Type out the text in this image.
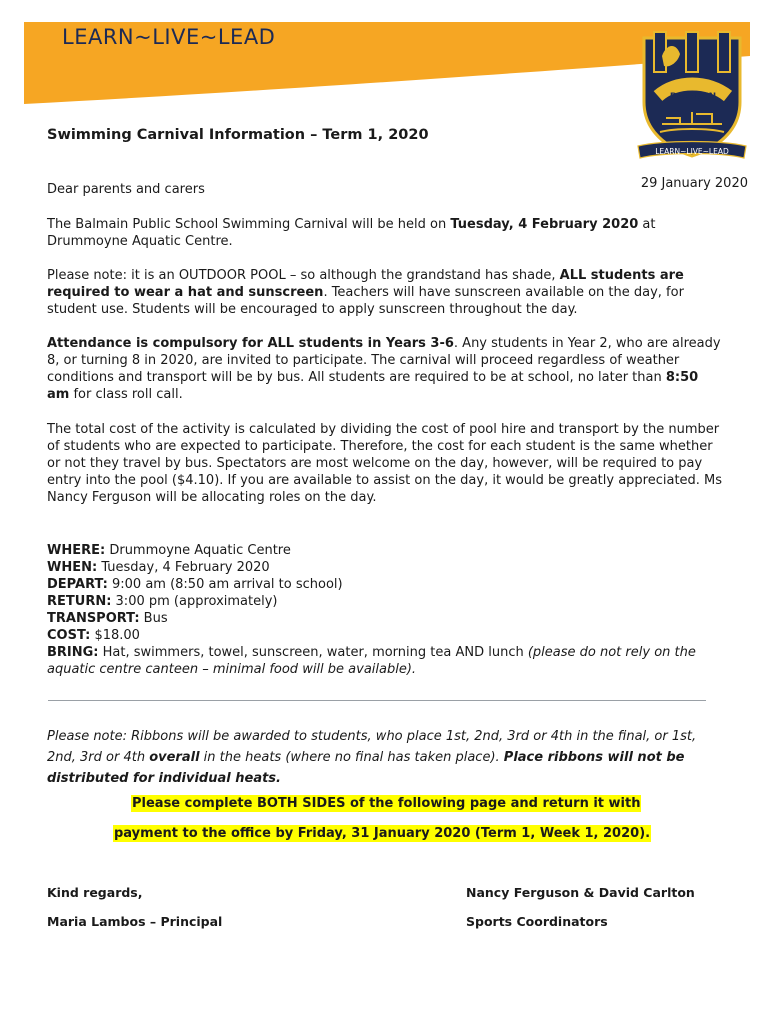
LEARN~LIVE~LEAD
BALMAIN
LEARN~LIVE~LEAD
Swimming Carnival Information – Term 1, 2020
29 January 2020
Dear parents and carers
The Balmain Public School Swimming Carnival will be held on Tuesday, 4 February 2020 at Drummoyne Aquatic Centre.
Please note: it is an OUTDOOR POOL – so although the grandstand has shade, ALL students are required to wear a hat and sunscreen. Teachers will have sunscreen available on the day, for student use. Students will be encouraged to apply sunscreen throughout the day.
Attendance is compulsory for ALL students in Years 3-6. Any students in Year 2, who are already 8, or turning 8 in 2020, are invited to participate. The carnival will proceed regardless of weather conditions and transport will be by bus. All students are required to be at school, no later than 8:50 am for class roll call.
The total cost of the activity is calculated by dividing the cost of pool hire and transport by the number of students who are expected to participate. Therefore, the cost for each student is the same whether or not they travel by bus. Spectators are most welcome on the day, however, will be required to pay entry into the pool ($4.10). If you are available to assist on the day, it would be greatly appreciated. Ms Nancy Ferguson will be allocating roles on the day.
WHERE: Drummoyne Aquatic Centre
WHEN: Tuesday, 4 February 2020
DEPART: 9:00 am (8:50 am arrival to school)
RETURN: 3:00 pm (approximately)
TRANSPORT: Bus
COST: $18.00
BRING: Hat, swimmers, towel, sunscreen, water, morning tea AND lunch (please do not rely on the aquatic centre canteen – minimal food will be available).
Please note: Ribbons will be awarded to students, who place 1st, 2nd, 3rd or 4th in the final, or 1st, 2nd, 3rd or 4th overall in the heats (where no final has taken place). Place ribbons will not be distributed for individual heats.
Please complete BOTH SIDES of the following page and return it with
payment to the office by Friday, 31 January 2020 (Term 1, Week 1, 2020).
Kind regards,
Maria Lambos – Principal
Nancy Ferguson & David Carlton
Sports Coordinators
